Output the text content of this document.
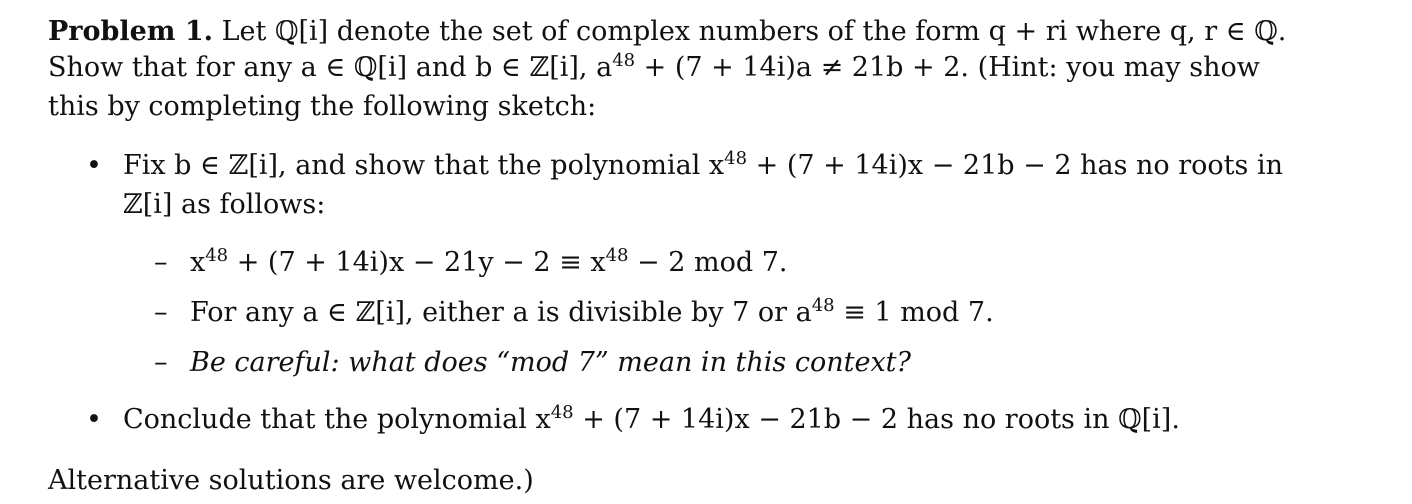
Problem 1. Let ℚ[i] denote the set of complex numbers of the form q + ri where q, r ∈ ℚ.
Show that for any a ∈ ℚ[i] and b ∈ ℤ[i], $a^{48} + (7 + 14i)a \ne 21b + 2$. (Hint: you may show
this by completing the following sketch:
• Fix b ∈ ℤ[i], and show that the polynomial $x^{48} + (7 + 14i)x - 21b - 2$ has no roots in
ℤ[i] as follows:
– $x^{48} + (7 + 14i)x - 21y - 2 \equiv x^{48} - 2$ mod 7.
– For any a ∈ ℤ[i], either a is divisible by 7 or $a^{48} \equiv 1$ mod 7.
– Be careful: what does “mod 7” mean in this context?
• Conclude that the polynomial $x^{48} + (7 + 14i)x - 21b - 2$ has no roots in ℚ[i].
Alternative solutions are welcome.)
